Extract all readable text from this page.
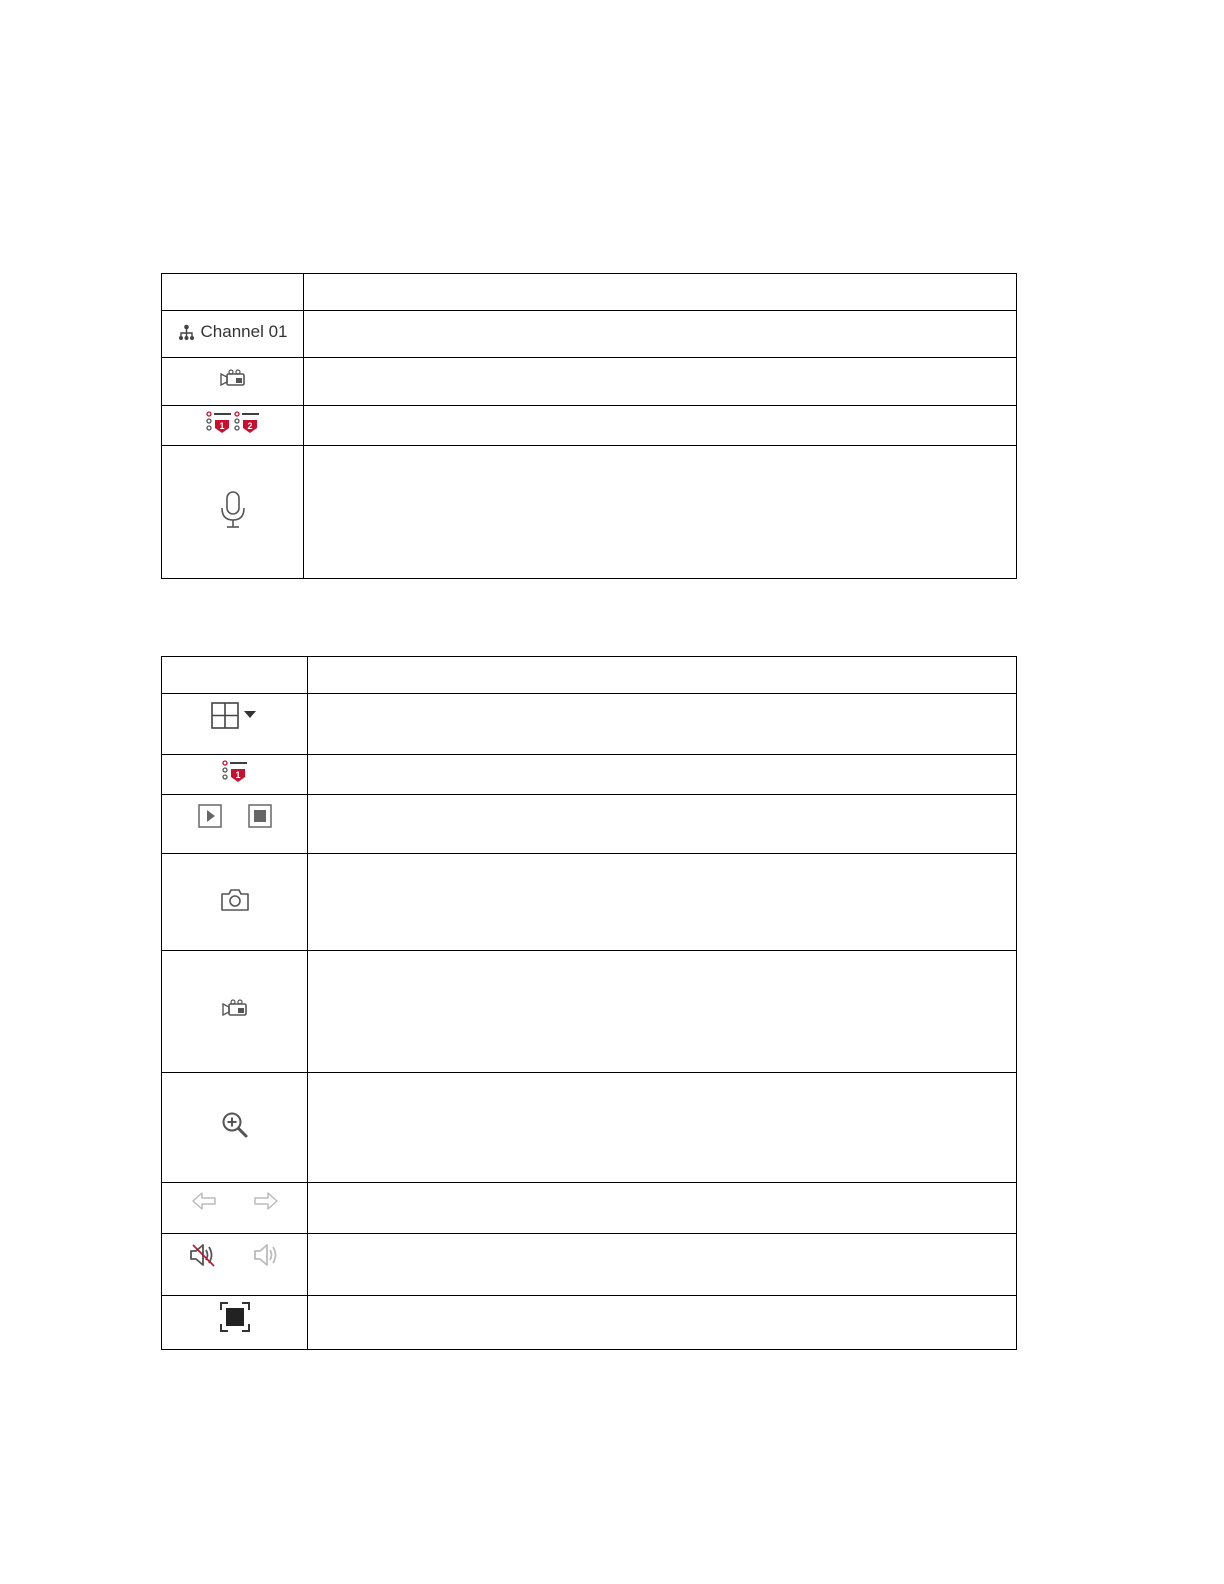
Channel 01	

1 2	

1	
